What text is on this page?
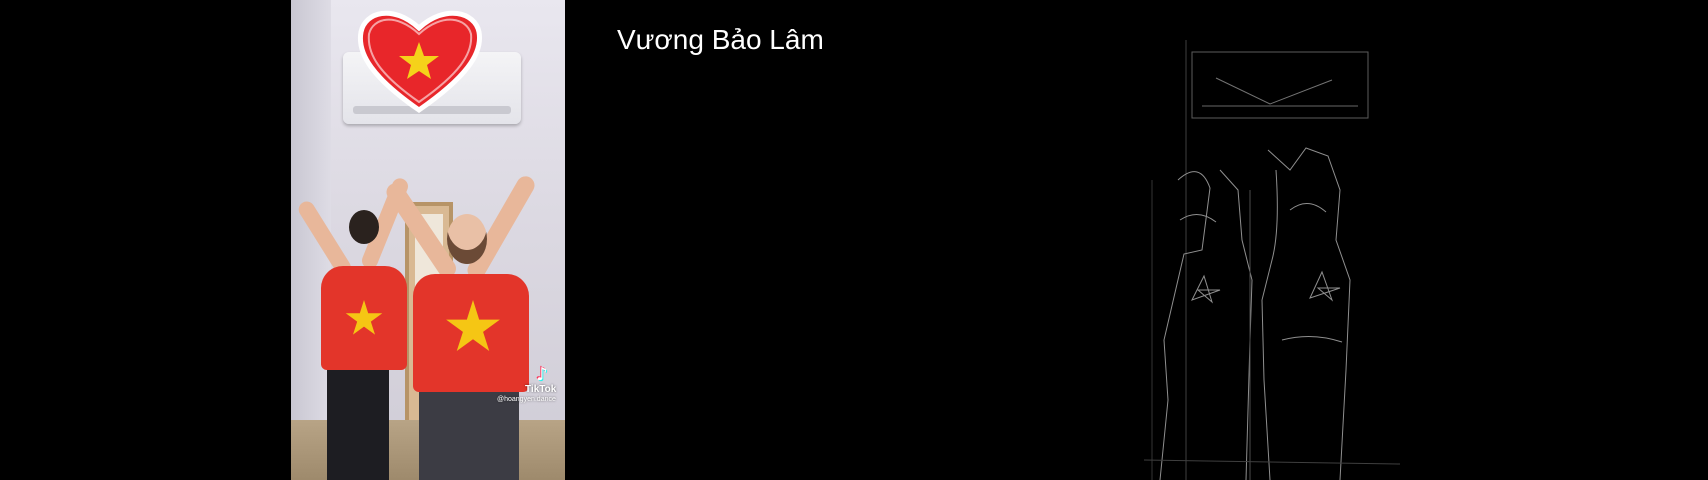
♪
TikTok
@hoangyen.dance
Vương Bảo Lâm
